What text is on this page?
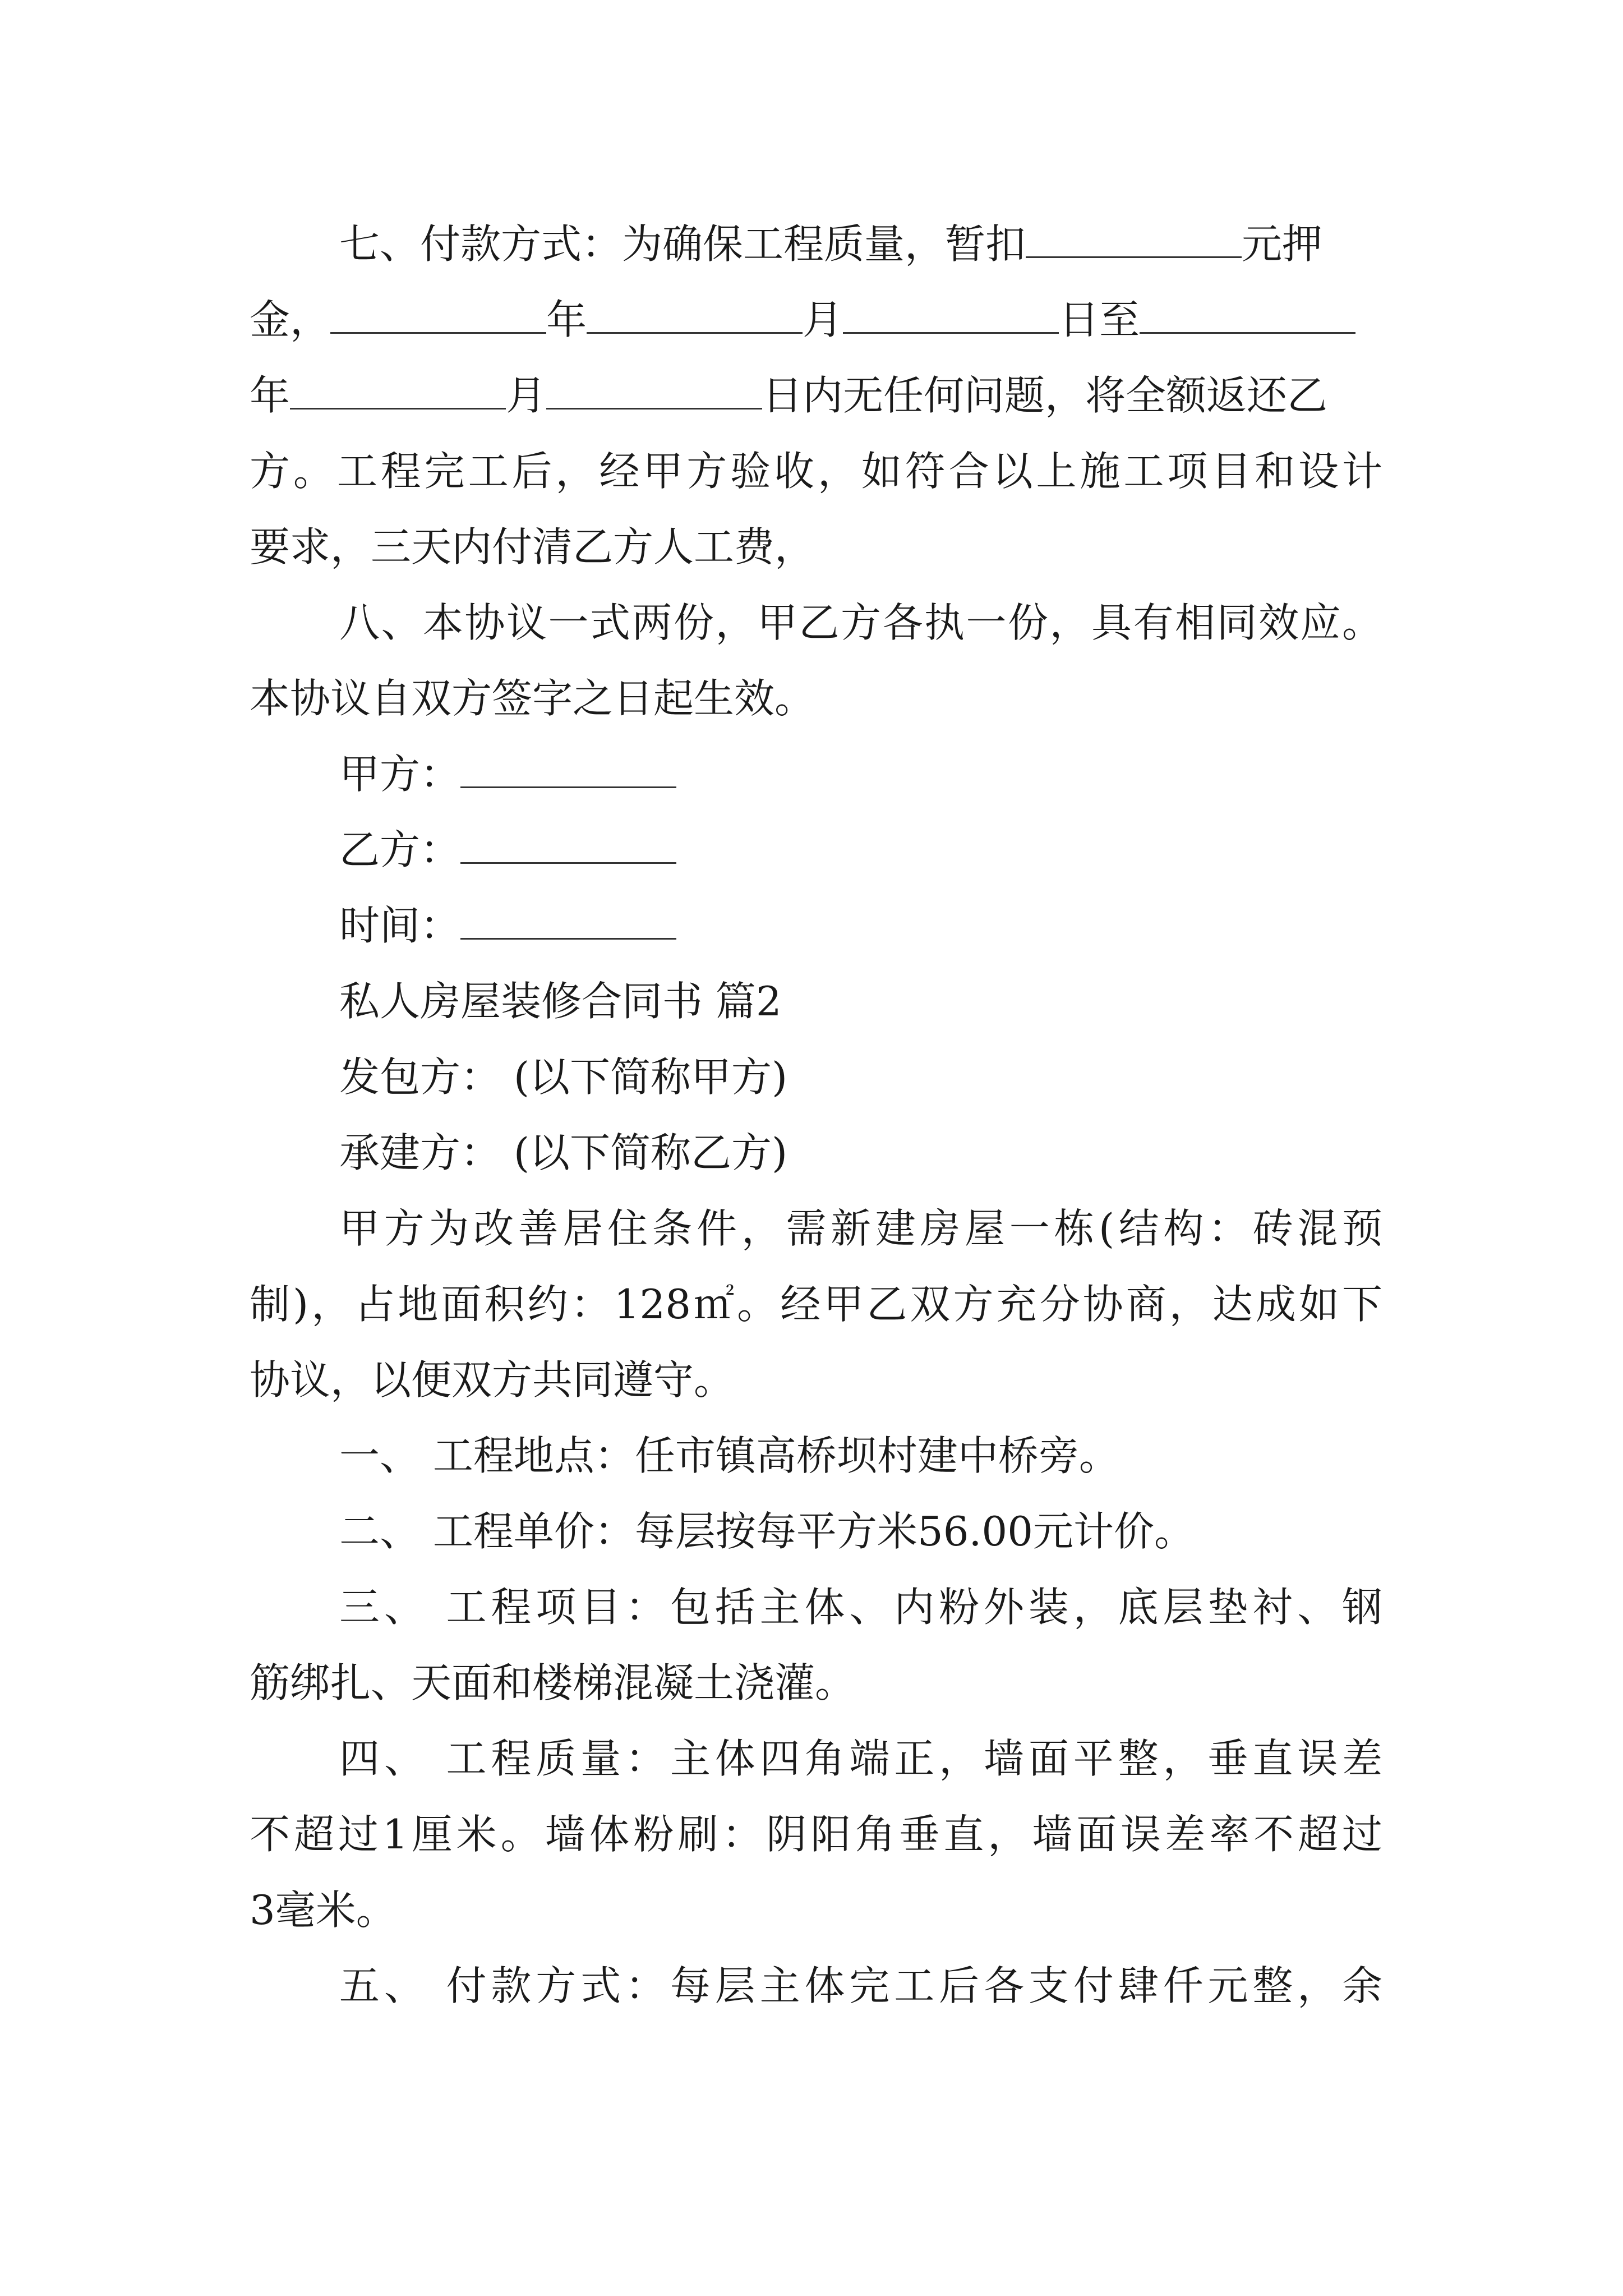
七、付款方式：为确保工程质量，暂扣	元押
金，	年	月	日至
年	月	日内无任何问题，将全额返还乙
方。工程完工后，经甲方验收，如符合以上施工项目和设计
要求，三天内付清乙方人工费，
八、本协议一式两份，甲乙方各执一份，具有相同效应。
本协议自双方签字之日起生效。
甲方：
乙方：
时间：
私人房屋装修合同书 篇2
发包方： (以下简称甲方)
承建方： (以下简称乙方)
甲方为改善居住条件，需新建房屋一栋(结构：砖混预
制)，占地面积约：128㎡。经甲乙双方充分协商，达成如下
协议，以便双方共同遵守。
一、 工程地点：任市镇高桥坝村建中桥旁。
二、 工程单价：每层按每平方米56.00元计价。
三、 工程项目：包括主体、内粉外装，底层垫衬、钢
筋绑扎、天面和楼梯混凝土浇灌。
四、 工程质量：主体四角端正，墙面平整，垂直误差
不超过1厘米。墙体粉刷：阴阳角垂直，墙面误差率不超过
3毫米。
五、 付款方式：每层主体完工后各支付肆仟元整，余
